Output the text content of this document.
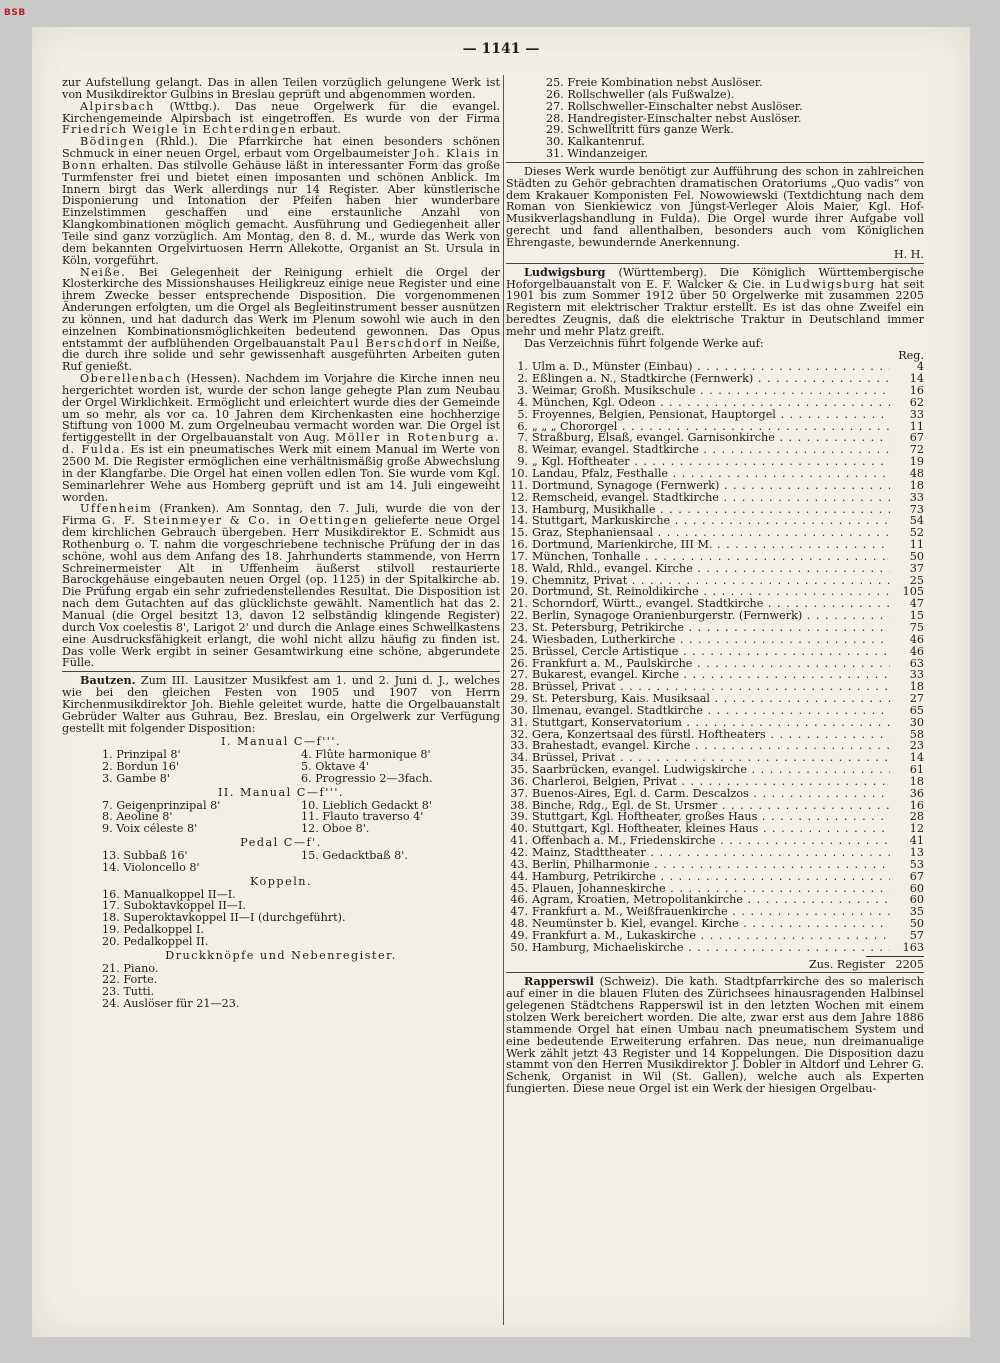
BSB
— 1141 —

zur Aufstellung gelangt. Das in allen Teilen vorzüglich gelungene Werk ist von Musikdirektor Gulbins in Breslau geprüft und abgenommen worden.

Alpirsbach (Wttbg.). Das neue Orgelwerk für die evangel. Kirchengemeinde Alpirsbach ist eingetroffen. Es wurde von der Firma Friedrich Weigle in Echterdingen erbaut.

Bödingen (Rhld.). Die Pfarrkirche hat einen besonders schönen Schmuck in einer neuen Orgel, erbaut vom Orgelbaumeister Joh. Klais in Bonn erhalten. Das stilvolle Gehäuse läßt in interessanter Form das große Turmfenster frei und bietet einen imposanten und schönen Anblick. Im Innern birgt das Werk allerdings nur 14 Register. Aber künstlerische Disponierung und Intonation der Pfeifen haben hier wunderbare Einzelstimmen geschaffen und eine erstaunliche Anzahl von Klangkombinationen möglich gemacht. Ausführung und Gediegenheit aller Teile sind ganz vorzüglich. Am Montag, den 8. d. M., wurde das Werk von dem bekannten Orgelvirtuosen Herrn Allekotte, Organist an St. Ursula in Köln, vorgeführt.

Neiße. Bei Gelegenheit der Reinigung erhielt die Orgel der Klosterkirche des Missionshauses Heiligkreuz einige neue Register und eine ihrem Zwecke besser entsprechende Disposition. Die vorgenommenen Änderungen erfolgten, um die Orgel als Begleitinstrument besser ausnützen zu können, und hat dadurch das Werk im Plenum sowohl wie auch in den einzelnen Kombinationsmöglichkeiten bedeutend gewonnen. Das Opus entstammt der aufblühenden Orgelbauanstalt Paul Berschdorf in Neiße, die durch ihre solide und sehr gewissenhaft ausgeführten Arbeiten guten Ruf genießt.

Oberellenbach (Hessen). Nachdem im Vorjahre die Kirche innen neu hergerichtet worden ist, wurde der schon lange gehegte Plan zum Neubau der Orgel Wirklichkeit. Ermöglicht und erleichtert wurde dies der Gemeinde um so mehr, als vor ca. 10 Jahren dem Kirchenkasten eine hochherzige Stiftung von 1000 M. zum Orgelneubau vermacht worden war. Die Orgel ist fertiggestellt in der Orgelbauanstalt von Aug. Möller in Rotenburg a. d. Fulda. Es ist ein pneumatisches Werk mit einem Manual im Werte von 2500 M. Die Register ermöglichen eine verhältnismäßig große Abwechslung in der Klangfarbe. Die Orgel hat einen vollen edlen Ton. Sie wurde vom Kgl. Seminarlehrer Wehe aus Homberg geprüft und ist am 14. Juli eingeweiht worden.

Uffenheim (Franken). Am Sonntag, den 7. Juli, wurde die von der Firma G. F. Steinmeyer & Co. in Oettingen gelieferte neue Orgel dem kirchlichen Gebrauch übergeben. Herr Musikdirektor E. Schmidt aus Rothenburg o. T. nahm die vorgeschriebene technische Prüfung der in das schöne, wohl aus dem Anfang des 18. Jahrhunderts stammende, von Herrn Schreinermeister Alt in Uffenheim äußerst stilvoll restaurierte Barockgehäuse eingebauten neuen Orgel (op. 1125) in der Spitalkirche ab. Die Prüfung ergab ein sehr zufriedenstellendes Resultat. Die Disposition ist nach dem Gutachten auf das glücklichste gewählt. Namentlich hat das 2. Manual (die Orgel besitzt 13, davon 12 selbständig klingende Register) durch Vox coelestis 8', Larigot 2' und durch die Anlage eines Schwellkastens eine Ausdrucksfähigkeit erlangt, die wohl nicht allzu häufig zu finden ist. Das volle Werk ergibt in seiner Gesamtwirkung eine schöne, abgerundete Fülle.

Bautzen. Zum III. Lausitzer Musikfest am 1. und 2. Juni d. J., welches wie bei den gleichen Festen von 1905 und 1907 von Herrn Kirchenmusikdirektor Joh. Biehle geleitet wurde, hatte die Orgelbauanstalt Gebrüder Walter aus Guhrau, Bez. Breslau, ein Orgelwerk zur Verfügung gestellt mit folgender Disposition:

I. Manual C—f'''.
1. Prinzipal 8'	4. Flûte harmonique 8'
2. Bordun 16'	5. Oktave 4'
3. Gambe 8'	6. Progressio 2—3fach.
II. Manual C—f'''.
7. Geigenprinzipal 8'	10. Lieblich Gedackt 8'
8. Aeoline 8'	11. Flauto traverso 4'
9. Voix céleste 8'	12. Oboe 8'.
Pedal C—f'.
13. Subbaß 16'	15. Gedacktbaß 8'.
14. Violoncello 8'
Koppeln.
16. Manualkoppel II—I.
17. Suboktavkoppel II—I.
18. Superoktavkoppel II—I (durchgeführt).
19. Pedalkoppel I.
20. Pedalkoppel II.
Druckknöpfe und Nebenregister.
21. Piano.
22. Forte.
23. Tutti.
24. Auslöser für 21—23.
25. Freie Kombination nebst Auslöser.
26. Rollschweller (als Fußwalze).
27. Rollschweller-Einschalter nebst Auslöser.
28. Handregister-Einschalter nebst Auslöser.
29. Schwelltritt fürs ganze Werk.
30. Kalkantenruf.
31. Windanzeiger.

Dieses Werk wurde benötigt zur Aufführung des schon in zahlreichen Städten zu Gehör gebrachten dramatischen Oratoriums „Quo vadis“ von dem Krakauer Komponisten Fel. Nowowiewski (Textdichtung nach dem Roman von Sienkiewicz von Jüngst-Verleger Alois Maier, Kgl. Hof-Musikverlagshandlung in Fulda). Die Orgel wurde ihrer Aufgabe voll gerecht und fand allenthalben, besonders auch vom Königlichen Ehrengaste, bewundernde Anerkennung.

H. H.

Ludwigsburg (Württemberg). Die Königlich Württembergische Hoforgelbauanstalt von E. F. Walcker & Cie. in Ludwigsburg hat seit 1901 bis zum Sommer 1912 über 50 Orgelwerke mit zusammen 2205 Registern mit elektrischer Traktur erstellt. Es ist das ohne Zweifel ein beredtes Zeugnis, daß die elektrische Traktur in Deutschland immer mehr und mehr Platz greift.

Das Verzeichnis führt folgende Werke auf:

Reg.

1. Ulm a. D., Münster (Einbau) . . .	4
2. Eßlingen a. N., Stadtkirche (Fernwerk) . . .	14
3. Weimar, Großh. Musikschule . . .	16
4. München, Kgl. Odeon . . .	62
5. Froyennes, Belgien, Pensionat, Hauptorgel . . .	33
6. „ „ „ Chororgel . . .	11
7. Straßburg, Elsaß, evangel. Garnisonkirche . . .	67
8. Weimar, evangel. Stadtkirche . . .	72
9. „ Kgl. Hoftheater . . .	19
10. Landau, Pfalz, Festhalle . . .	48
11. Dortmund, Synagoge (Fernwerk) . . .	18
12. Remscheid, evangel. Stadtkirche . . .	33
13. Hamburg, Musikhalle . . .	73
14. Stuttgart, Markuskirche . . .	54
15. Graz, Stephaniensaal . . .	52
16. Dortmund, Marienkirche, III M. . . .	11
17. München, Tonhalle . . .	50
18. Wald, Rhld., evangel. Kirche . . .	37
19. Chemnitz, Privat . . .	25
20. Dortmund, St. Reinoldikirche . . .	105
21. Schorndorf, Württ., evangel. Stadtkirche . . .	47
22. Berlin, Synagoge Oranienburgerstr. (Fernwerk) . . .	15
23. St. Petersburg, Petrikirche . . .	75
24. Wiesbaden, Lutherkirche . . .	46
25. Brüssel, Cercle Artistique . . .	46
26. Frankfurt a. M., Paulskirche . . .	63
27. Bukarest, evangel. Kirche . . .	33
28. Brüssel, Privat . . .	18
29. St. Petersburg, Kais. Musiksaal . . .	27
30. Ilmenau, evangel. Stadtkirche . . .	65
31. Stuttgart, Konservatorium . . .	30
32. Gera, Konzertsaal des fürstl. Hoftheaters . . .	58
33. Brahestadt, evangel. Kirche . . .	23
34. Brüssel, Privat . . .	14
35. Saarbrücken, evangel. Ludwigskirche . . .	61
36. Charleroi, Belgien, Privat . . .	18
37. Buenos-Aires, Egl. d. Carm. Descalzos . . .	36
38. Binche, Rdg., Egl. de St. Ursmer . . .	16
39. Stuttgart, Kgl. Hoftheater, großes Haus . . .	28
40. Stuttgart, Kgl. Hoftheater, kleines Haus . . .	12
41. Offenbach a. M., Friedenskirche . . .	41
42. Mainz, Stadttheater . . .	13
43. Berlin, Philharmonie . . .	53
44. Hamburg, Petrikirche . . .	67
45. Plauen, Johanneskirche . . .	60
46. Agram, Kroatien, Metropolitankirche . . .	60
47. Frankfurt a. M., Weißfrauenkirche . . .	35
48. Neumünster b. Kiel, evangel. Kirche . . .	50
49. Frankfurt a. M., Lukaskirche . . .	57
50. Hamburg, Michaeliskirche . . .	163

Zus. Register 2205

Rapperswil (Schweiz). Die kath. Stadtpfarrkirche des so malerisch auf einer in die blauen Fluten des Zürichsees hinausragenden Halbinsel gelegenen Städtchens Rapperswil ist in den letzten Wochen mit einem stolzen Werk bereichert worden. Die alte, zwar erst aus dem Jahre 1886 stammende Orgel hat einen Umbau nach pneumatischem System und eine bedeutende Erweiterung erfahren. Das neue, nun dreimanualige Werk zählt jetzt 43 Register und 14 Koppelungen. Die Disposition dazu stammt von den Herren Musikdirektor J. Dobler in Altdorf und Lehrer G. Schenk, Organist in Wil (St. Gallen), welche auch als Experten fungierten. Diese neue Orgel ist ein Werk der hiesigen Orgelbau-
